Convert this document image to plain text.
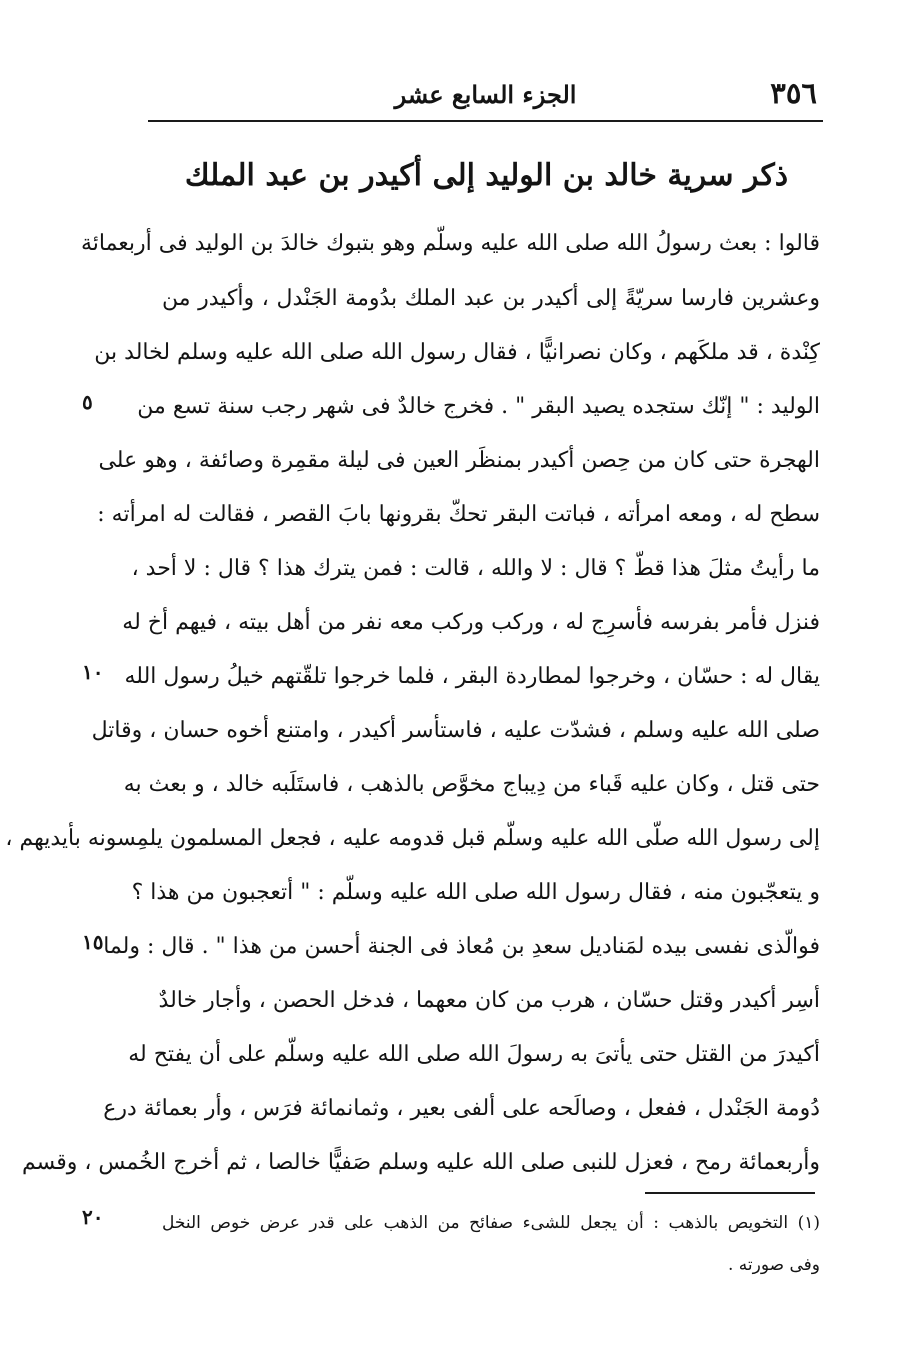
٣٥٦
الجزء السابع عشر
ذكر سرية خالد بن الوليد إلى أكيدر بن عبد الملك
قالوا : بعث رسولُ الله صلى الله عليه وسلّم وهو بتبوك خالدَ بن الوليد فى أربعمائة
وعشرين فارسا سريّةً إلى أكيدر بن عبد الملك بدُومة الجَنْدل ، وأكيدر من
كِنْدة ، قد ملكَهم ، وكان نصرانيًّا ، فقال رسول الله صلى الله عليه وسلم لخالد بن
الوليد : " إنّك ستجده يصيد البقر " . فخرج خالدٌ فى شهر رجب سنة تسع من
الهجرة حتى كان من حِصن أكيدر بمنظَر العين فى ليلة مقمِرة وصائفة ، وهو على
سطح له ، ومعه امرأته ، فباتت البقر تحكّ بقرونها بابَ القصر ، فقالت له امرأته :
ما رأيتُ مثلَ هذا قطّ ؟ قال : لا والله ، قالت : فمن يترك هذا ؟ قال : لا أحد ،
فنزل فأمر بفرسه فأسرِج له ، وركب وركب معه نفر من أهل بيته ، فيهم أخ له
يقال له : حسّان ، وخرجوا لمطاردة البقر ، فلما خرجوا تلقّتهم خيلُ رسول الله
صلى الله عليه وسلم ، فشدّت عليه ، فاستأسر أكيدر ، وامتنع أخوه حسان ، وقاتل
حتى قتل ، وكان عليه قَباء من دِيباج مخوَّص بالذهب ، فاستَلَبه خالد ، و بعث به
إلى رسول الله صلّى الله عليه وسلّم قبل قدومه عليه ، فجعل المسلمون يلمِسونه بأيديهم ،
و يتعجّبون منه ، فقال رسول الله صلى الله عليه وسلّم : " أتعجبون من هذا ؟
فوالّذى نفسى بيده لمَناديل سعدِ بن مُعاذ فى الجنة أحسن من هذا " . قال : ولما
أسِر أكيدر وقتل حسّان ، هرب من كان معهما ، فدخل الحصن ، وأجار خالدٌ
أكيدرَ من القتل حتى يأتىَ به رسولَ الله صلى الله عليه وسلّم على أن يفتح له
دُومة الجَنْدل ، ففعل ، وصالَحه على ألفى بعير ، وثمانمائة فرَس ، وأر بعمائة درع
وأربعمائة رمح ، فعزل للنبى صلى الله عليه وسلم صَفيًّا خالصا ، ثم أخرج الخُمس ، وقسم
٥
١٠
١٥
٢٠	(١) التخويص بالذهب : أن يجعل للشىء صفائح من الذهب على قدر عرض خوص النخل
وفى صورته .
